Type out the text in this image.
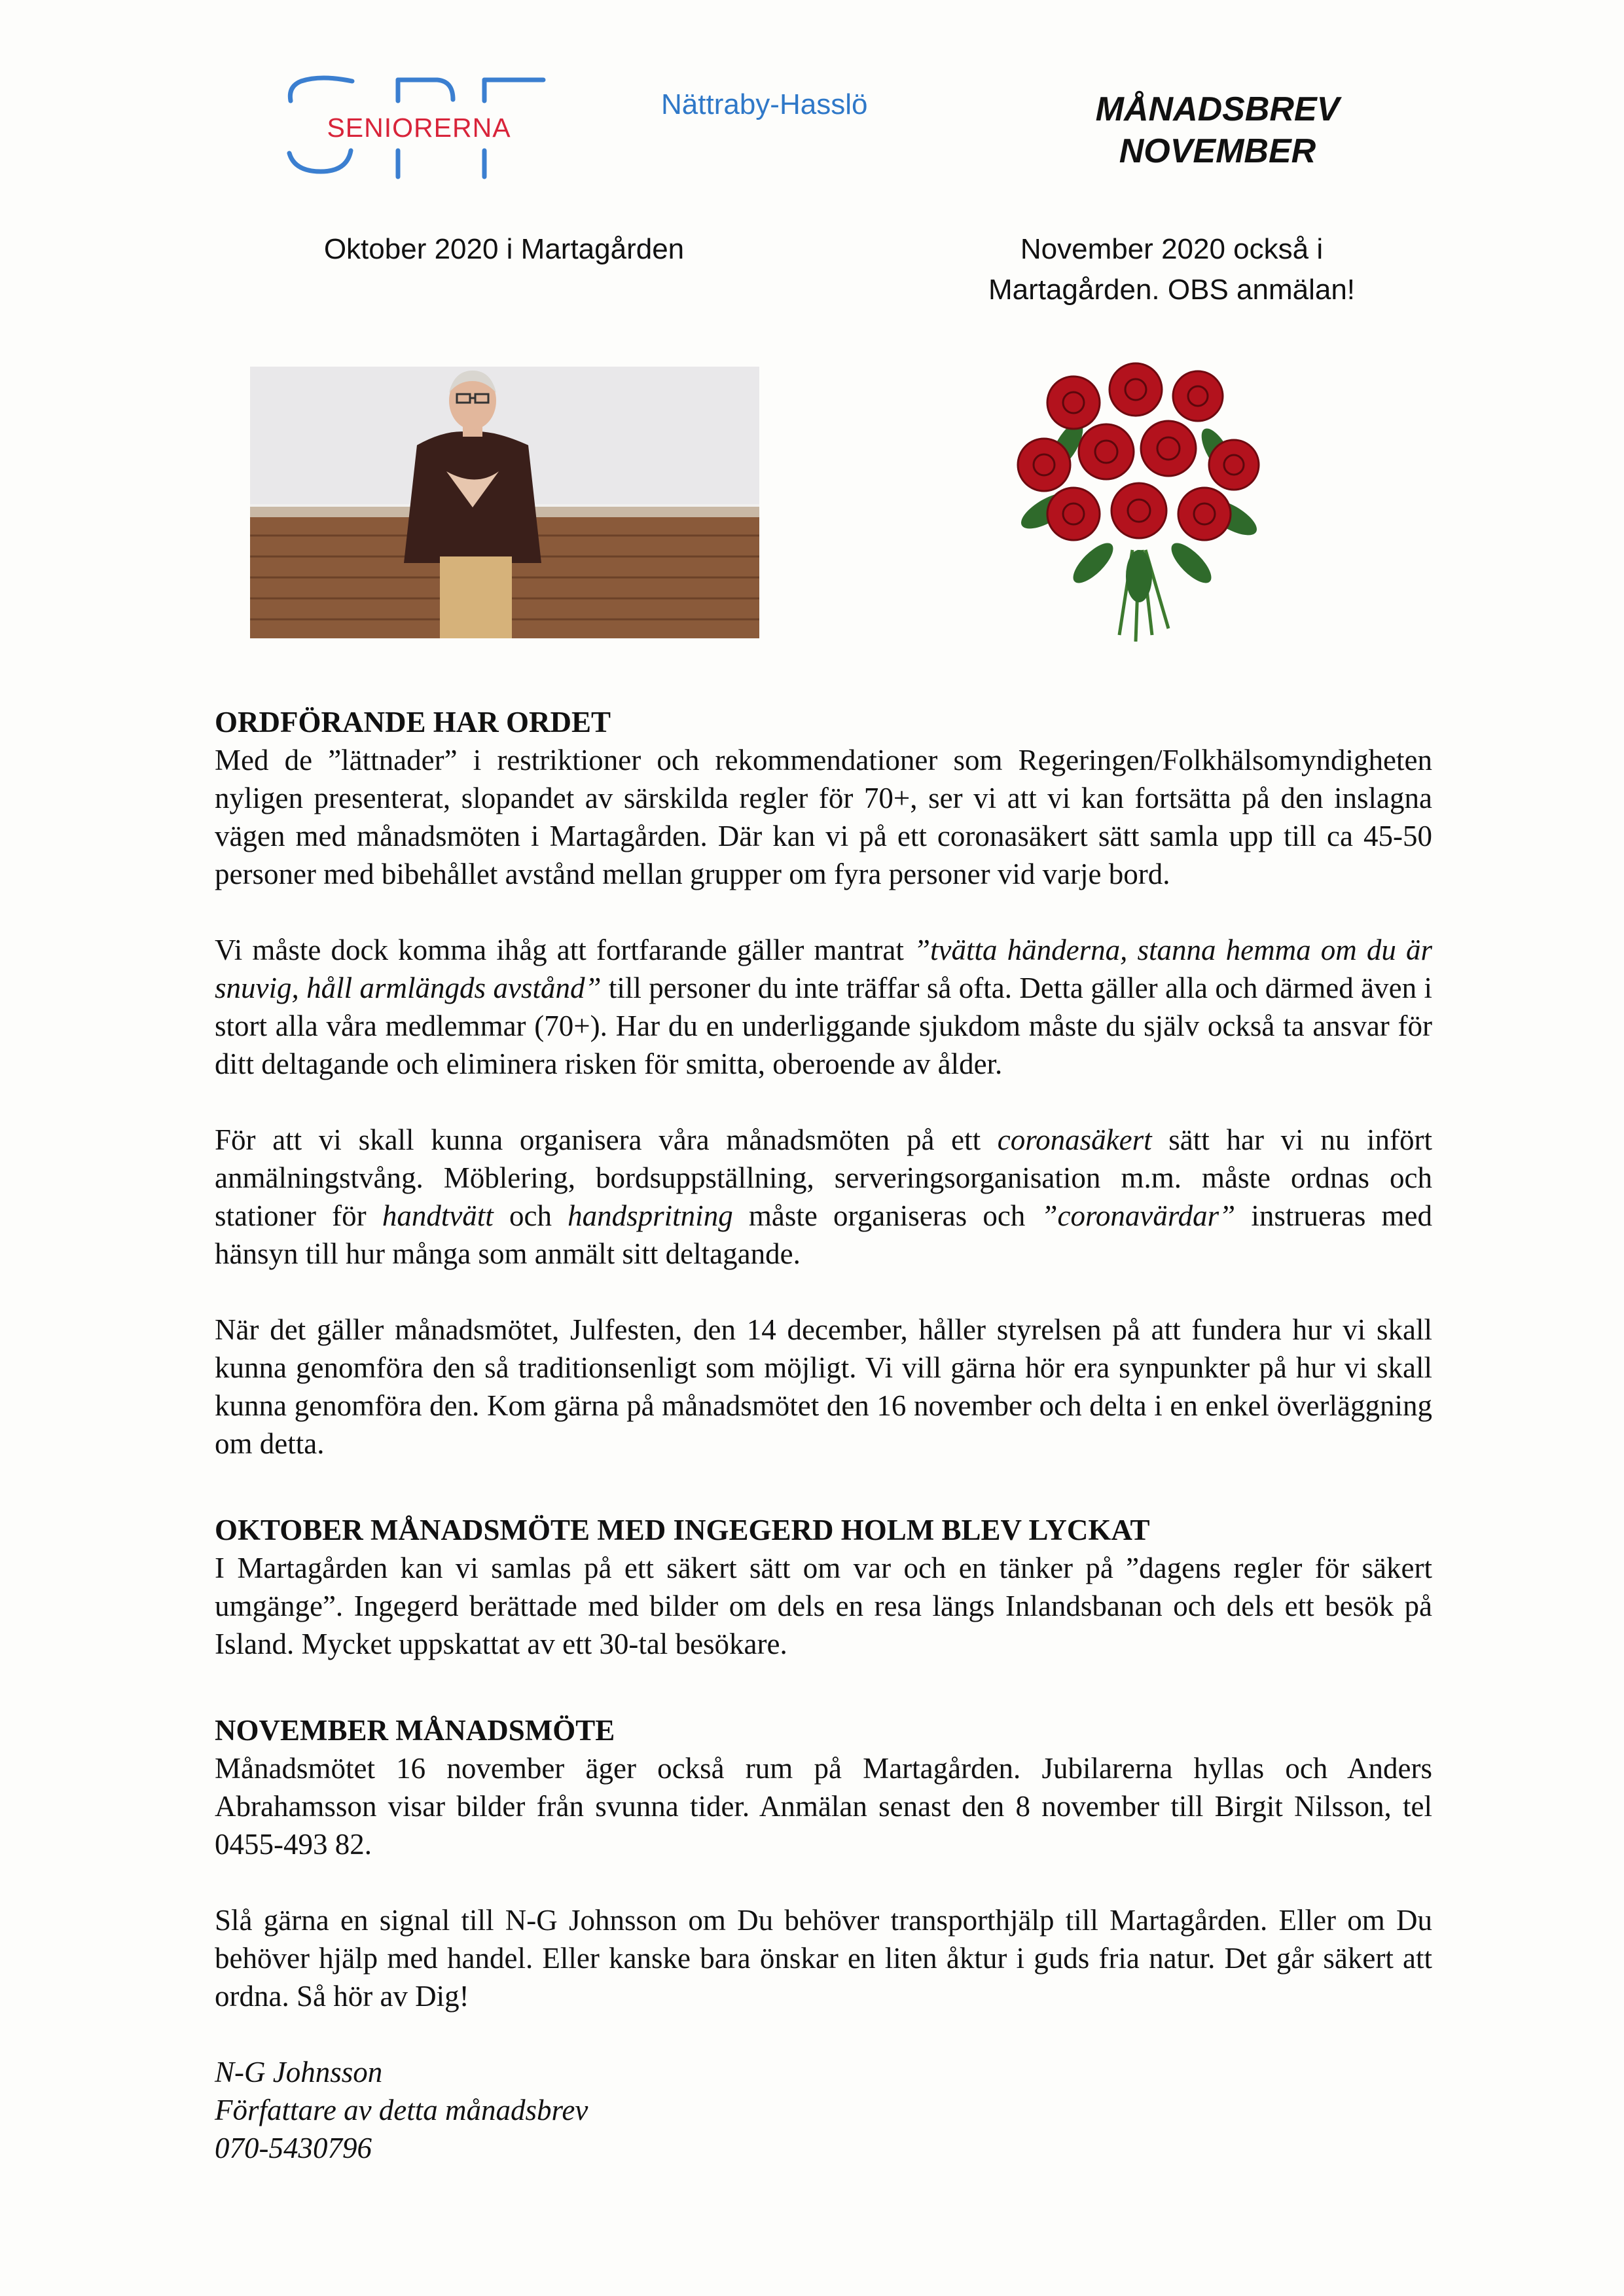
SENIORERNA
Nättraby-Hasslö	MÅNADSBREV
NOVEMBER
Oktober 2020 i Martagården	November 2020 också i
Martagården. OBS anmälan!
ORDFÖRANDE HAR ORDET

Med de ”lättnader” i restriktioner och rekommendationer som Regeringen/Folkhälsomyndigheten nyligen presenterat, slopandet av särskilda regler för 70+, ser vi att vi kan fortsätta på den inslagna vägen med månadsmöten i Martagården. Där kan vi på ett coronasäkert sätt samla upp till ca 45-50 personer med bibehållet avstånd mellan grupper om fyra personer vid varje bord.

Vi måste dock komma ihåg att fortfarande gäller mantrat ”tvätta händerna, stanna hemma om du är snuvig, håll armlängds avstånd” till personer du inte träffar så ofta. Detta gäller alla och därmed även i stort alla våra medlemmar (70+). Har du en underliggande sjukdom måste du själv också ta ansvar för ditt deltagande och eliminera risken för smitta, oberoende av ålder.

För att vi skall kunna organisera våra månadsmöten på ett coronasäkert sätt har vi nu infört anmälningstvång. Möblering, bordsuppställning, serveringsorganisation m.m. måste ordnas och stationer för handtvätt och handspritning måste organiseras och ”coronavärdar” instrueras med hänsyn till hur många som anmält sitt deltagande.

När det gäller månadsmötet, Julfesten, den 14 december, håller styrelsen på att fundera hur vi skall kunna genomföra den så traditionsenligt som möjligt. Vi vill gärna hör era synpunkter på hur vi skall kunna genomföra den. Kom gärna på månadsmötet den 16 november och delta i en enkel överläggning om detta.

OKTOBER MÅNADSMÖTE MED INGEGERD HOLM BLEV LYCKAT

I Martagården kan vi samlas på ett säkert sätt om var och en tänker på ”dagens regler för säkert umgänge”. Ingegerd berättade med bilder om dels en resa längs Inlandsbanan och dels ett besök på Island. Mycket uppskattat av ett 30-tal besökare.

NOVEMBER MÅNADSMÖTE

Månadsmötet 16 november äger också rum på Martagården. Jubilarerna hyllas och Anders Abrahamsson visar bilder från svunna tider. Anmälan senast den 8 november till Birgit Nilsson, tel 0455-493 82.

Slå gärna en signal till N-G Johnsson om Du behöver transporthjälp till Martagården. Eller om Du behöver hjälp med handel. Eller kanske bara önskar en liten åktur i guds fria natur. Det går säkert att ordna. Så hör av Dig!

N-G Johnsson

Författare av detta månadsbrev

070-5430796
